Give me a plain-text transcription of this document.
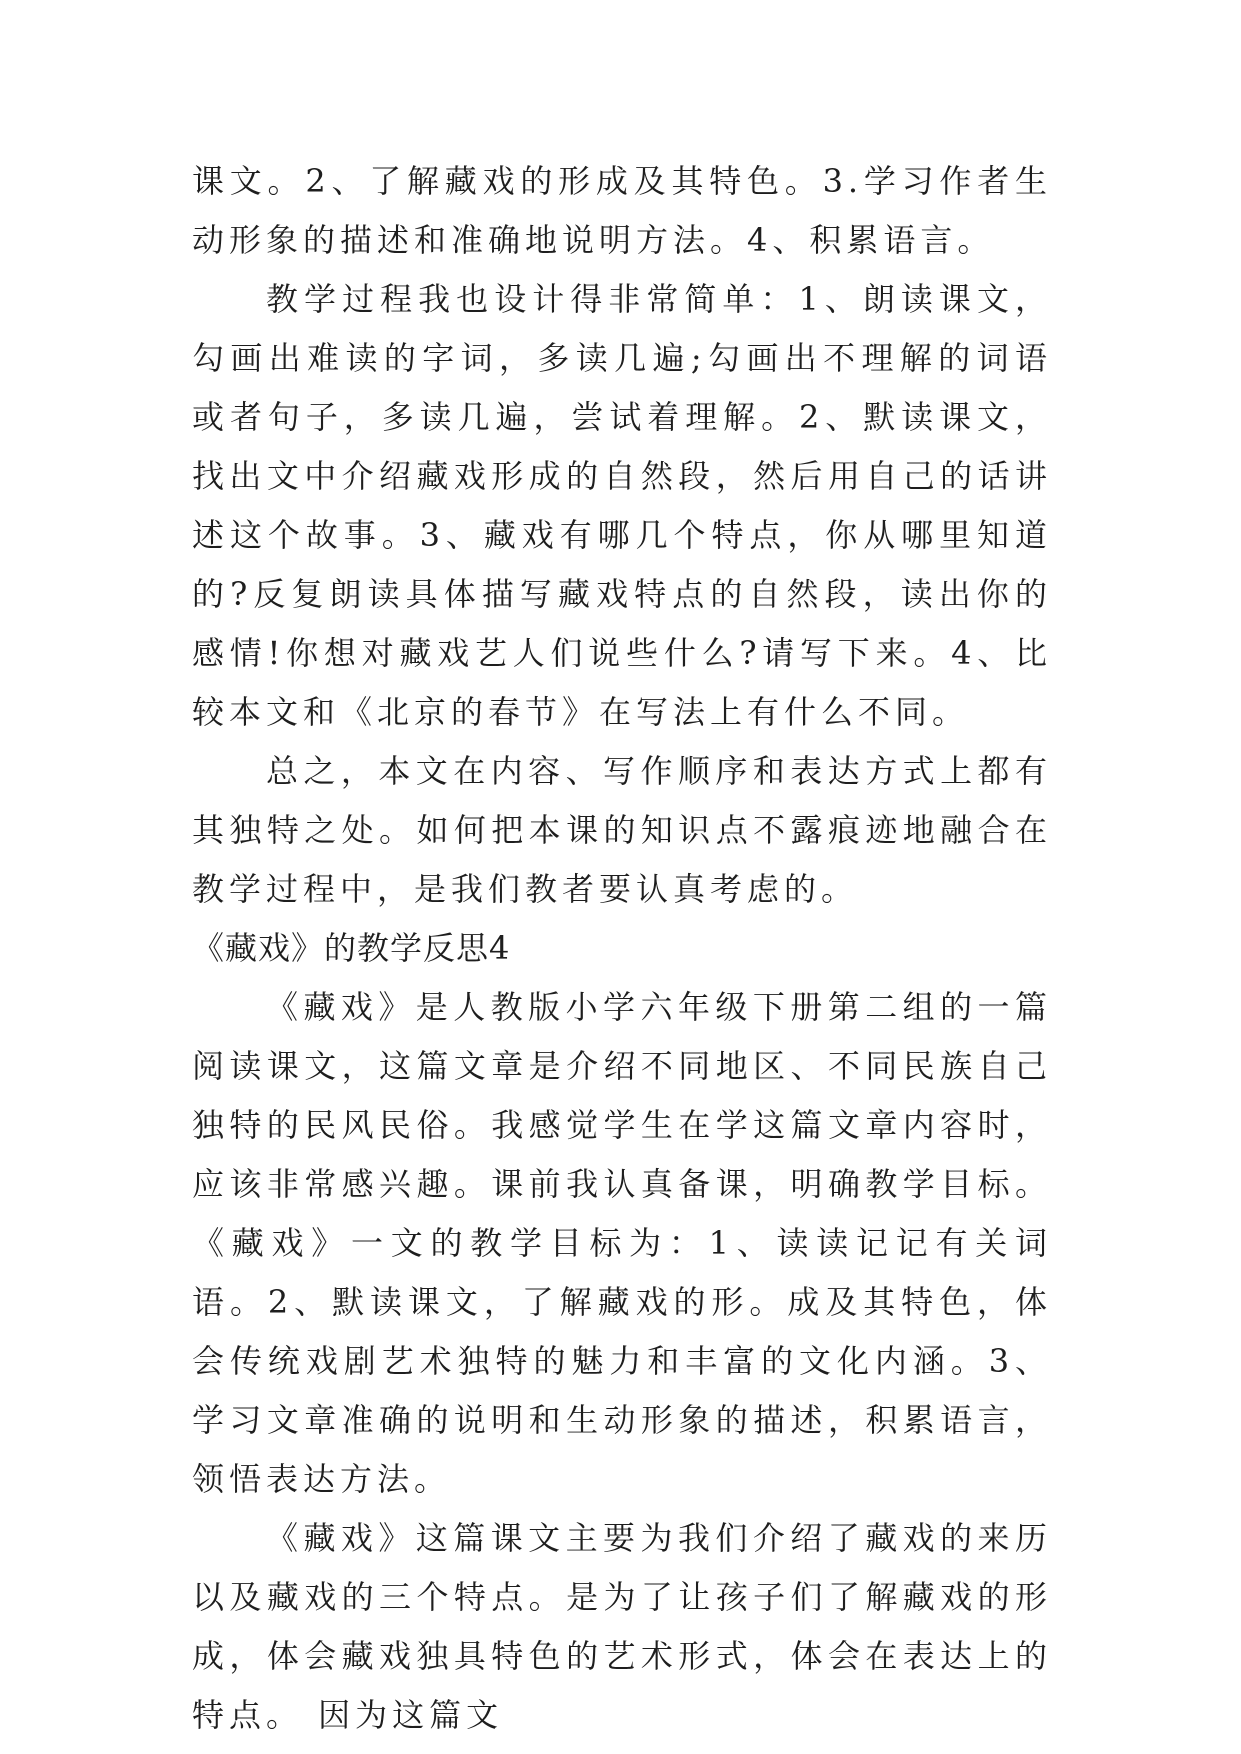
课文。2、了解藏戏的形成及其特色。3.学习作者生动形象的描述和准确地说明方法。4、积累语言。

教学过程我也设计得非常简单：1、朗读课文，勾画出难读的字词，多读几遍;勾画出不理解的词语或者句子，多读几遍，尝试着理解。2、默读课文，找出文中介绍藏戏形成的自然段，然后用自己的话讲述这个故事。3、藏戏有哪几个特点，你从哪里知道的?反复朗读具体描写藏戏特点的自然段，读出你的感情!你想对藏戏艺人们说些什么?请写下来。4、比较本文和《北京的春节》在写法上有什么不同。

总之，本文在内容、写作顺序和表达方式上都有其独特之处。如何把本课的知识点不露痕迹地融合在教学过程中，是我们教者要认真考虑的。

《藏戏》的教学反思4

《藏戏》是人教版小学六年级下册第二组的一篇阅读课文，这篇文章是介绍不同地区、不同民族自己独特的民风民俗。我感觉学生在学这篇文章内容时，应该非常感兴趣。课前我认真备课，明确教学目标。《藏戏》一文的教学目标为：1、读读记记有关词语。2、默读课文，了解藏戏的形。成及其特色，体会传统戏剧艺术独特的魅力和丰富的文化内涵。3、学习文章准确的说明和生动形象的描述，积累语言，领悟表达方法。

《藏戏》这篇课文主要为我们介绍了藏戏的来历以及藏戏的三个特点。是为了让孩子们了解藏戏的形成，体会藏戏独具特色的艺术形式，体会在表达上的特点。 因为这篇文
